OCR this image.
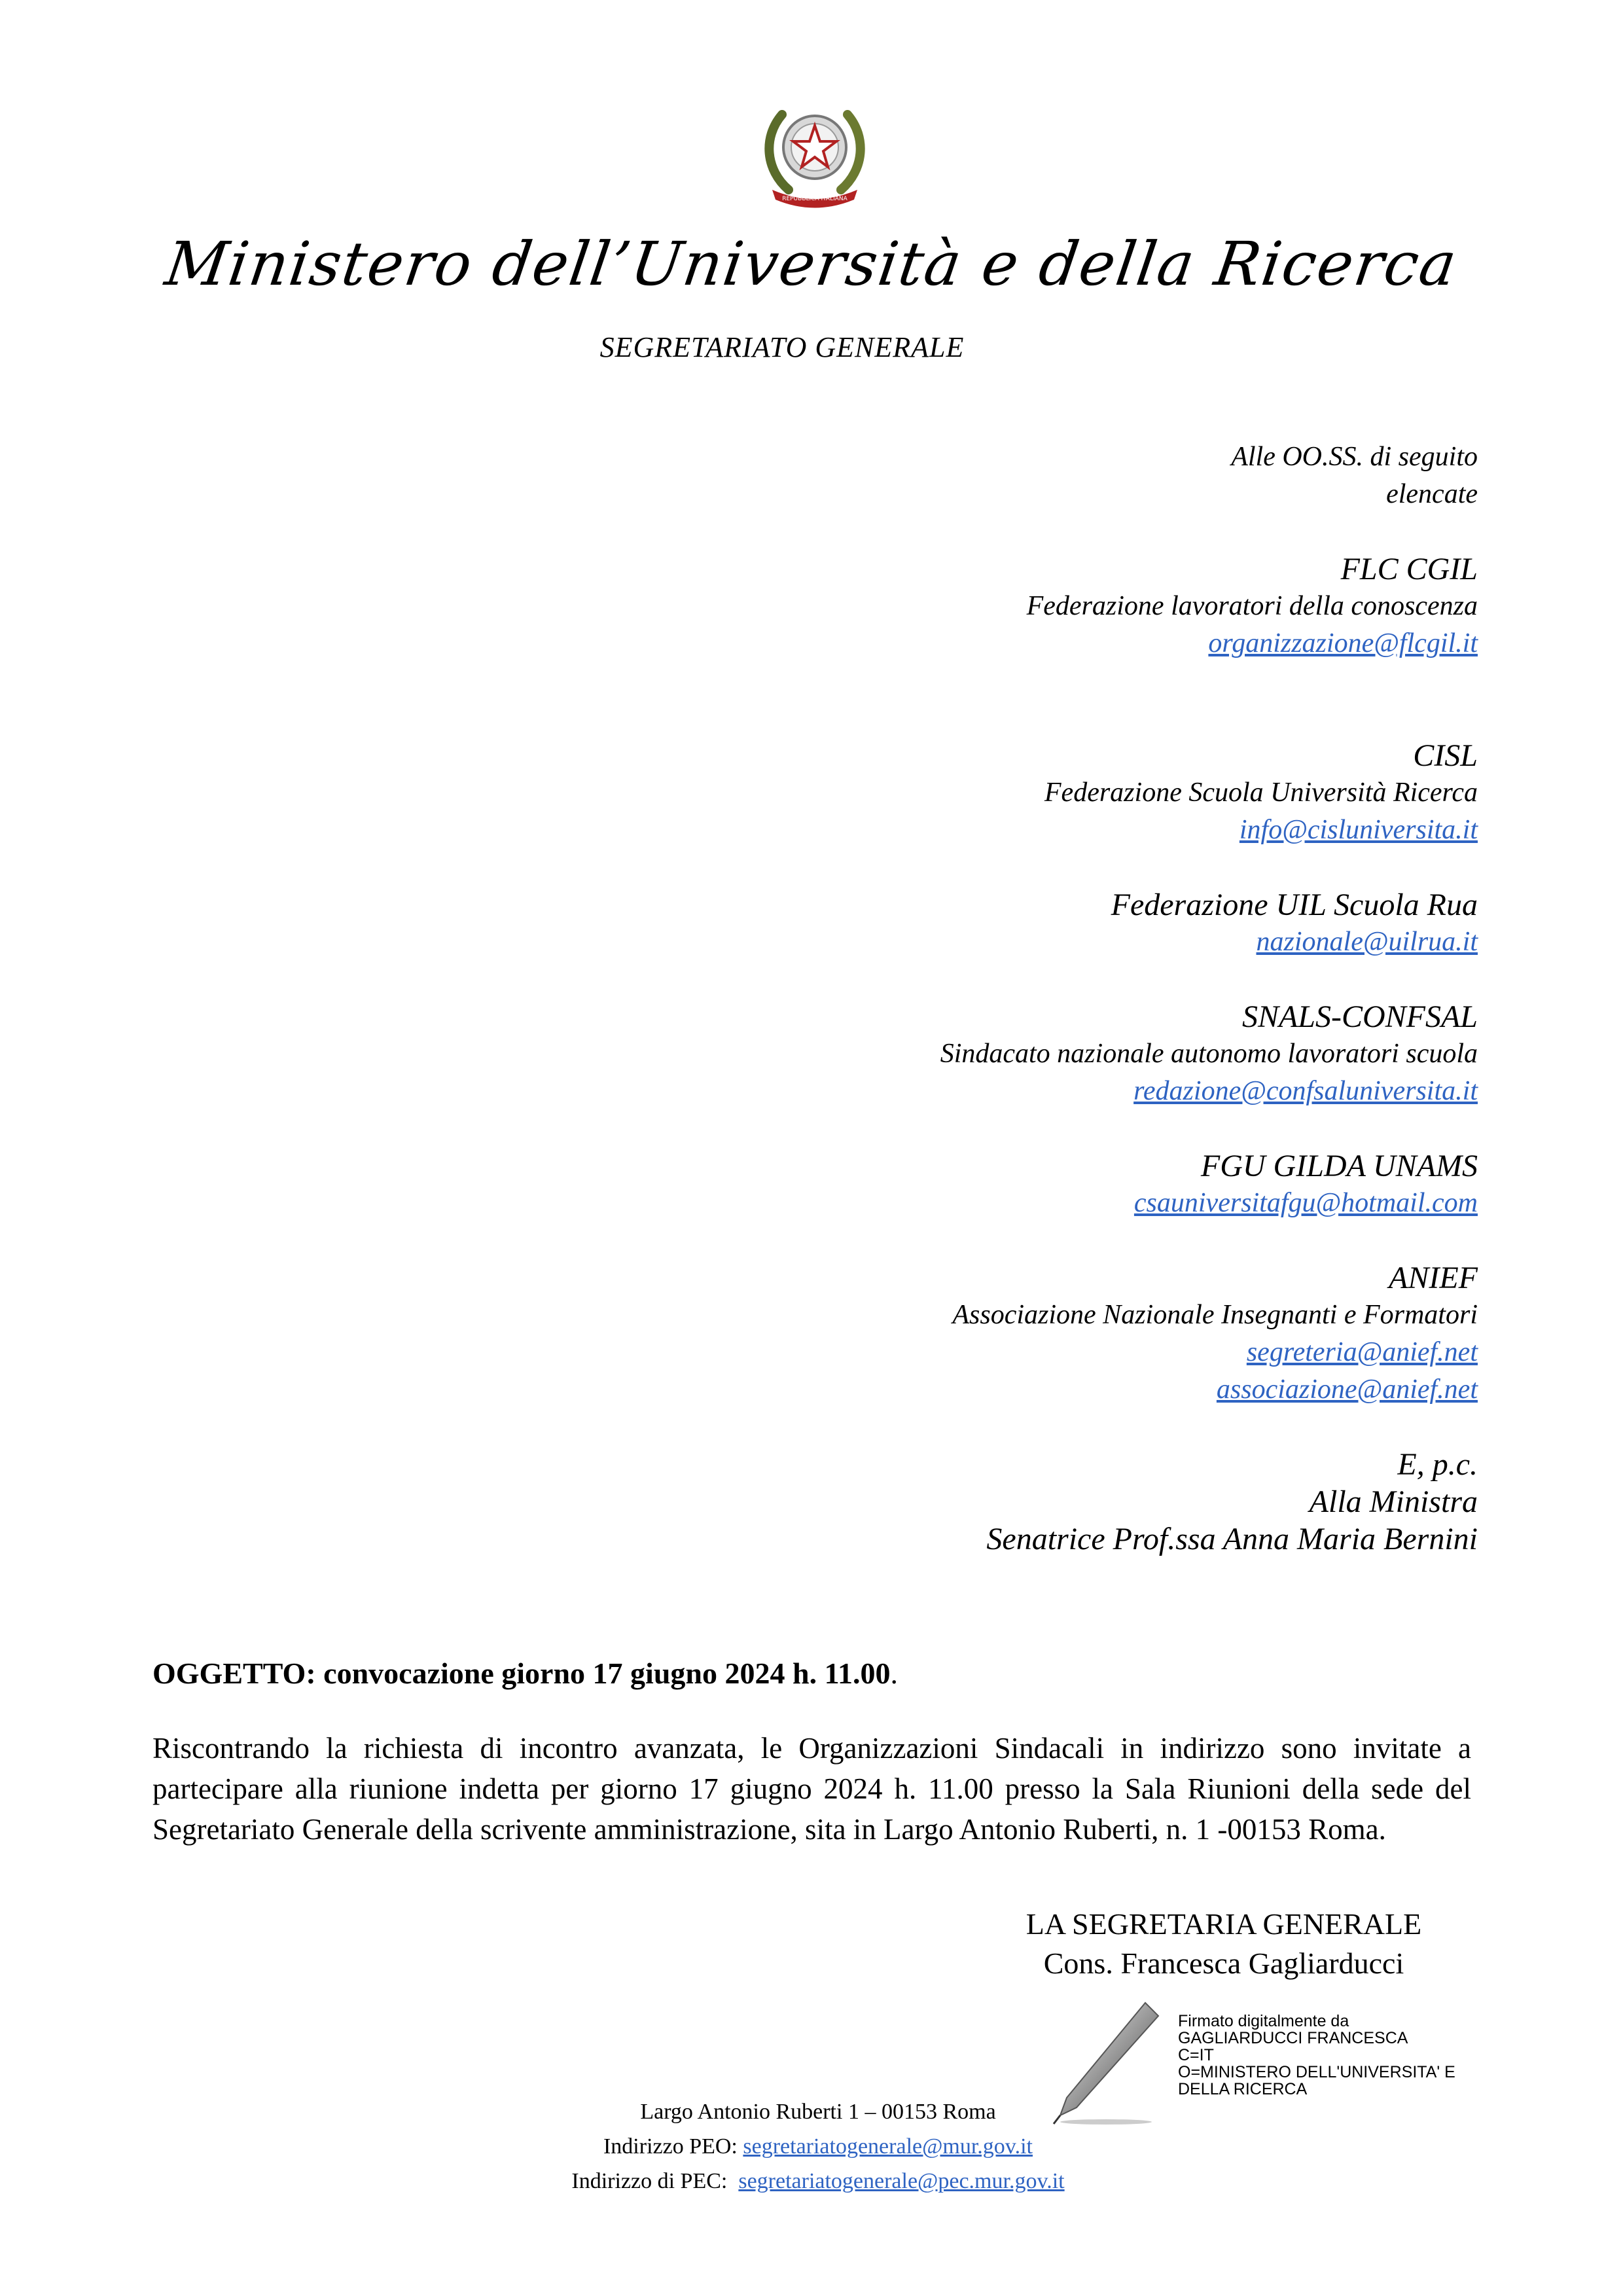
REPUBBLICA ITALIANA
Ministero dell’Università e della Ricerca
SEGRETARIATO GENERALE
Alle OO.SS. di seguito
elencate
FLC CGIL
Federazione lavoratori della conoscenza
organizzazione@flcgil.it
CISL
Federazione Scuola Università Ricerca
info@cisluniversita.it
Federazione UIL Scuola Rua
nazionale@uilrua.it
SNALS-CONFSAL
Sindacato nazionale autonomo lavoratori scuola
redazione@confsaluniversita.it
FGU GILDA UNAMS
csauniversitafgu@hotmail.com
ANIEF
Associazione Nazionale Insegnanti e Formatori
segreteria@anief.net
associazione@anief.net
E, p.c.
Alla Ministra
Senatrice Prof.ssa Anna Maria Bernini
OGGETTO: convocazione giorno 17 giugno 2024 h. 11.00.
Riscontrando la richiesta di incontro avanzata, le Organizzazioni Sindacali in indirizzo sono invitate a partecipare alla riunione indetta per giorno 17 giugno 2024 h. 11.00 presso la Sala Riunioni della sede del Segretariato Generale della scrivente amministrazione, sita in Largo Antonio Ruberti, n. 1 -00153 Roma.
LA SEGRETARIA GENERALE
Cons. Francesca Gagliarducci
Firmato digitalmente da
GAGLIARDUCCI FRANCESCA
C=IT
O=MINISTERO DELL'UNIVERSITA' E
DELLA RICERCA
Largo Antonio Ruberti 1 – 00153 Roma
Indirizzo PEO: segretariatogenerale@mur.gov.it
Indirizzo di PEC: segretariatogenerale@pec.mur.gov.it
